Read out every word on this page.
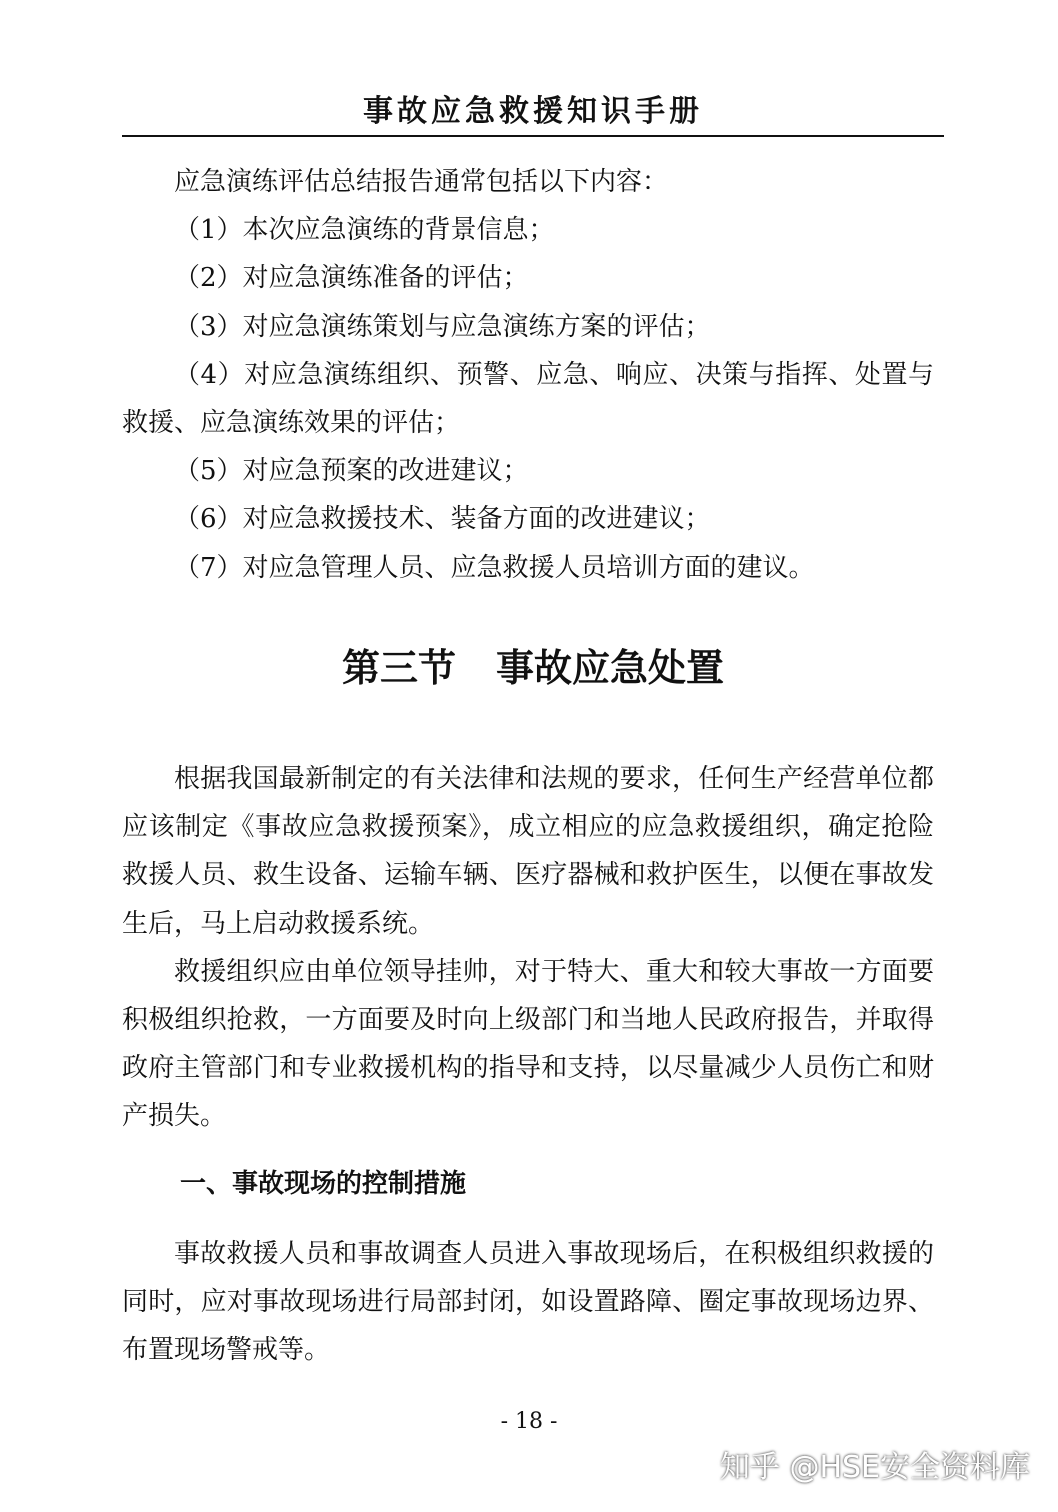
事故应急救援知识手册

应急演练评估总结报告通常包括以下内容：

（1）本次应急演练的背景信息；

（2）对应急演练准备的评估；

（3）对应急演练策划与应急演练方案的评估；

（4）对应急演练组织、预警、应急、响应、决策与指挥、处置与救援、应急演练效果的评估；

（5）对应急预案的改进建议；

（6）对应急救援技术、装备方面的改进建议；

（7）对应急管理人员、应急救援人员培训方面的建议。

第三节 事故应急处置

根据我国最新制定的有关法律和法规的要求，任何生产经营单位都应该制定《事故应急救援预案》，成立相应的应急救援组织，确定抢险救援人员、救生设备、运输车辆、医疗器械和救护医生，以便在事故发生后，马上启动救援系统。

救援组织应由单位领导挂帅，对于特大、重大和较大事故一方面要积极组织抢救，一方面要及时向上级部门和当地人民政府报告，并取得政府主管部门和专业救援机构的指导和支持，以尽量减少人员伤亡和财产损失。

一、事故现场的控制措施

事故救援人员和事故调查人员进入事故现场后，在积极组织救援的同时，应对事故现场进行局部封闭，如设置路障、圈定事故现场边界、布置现场警戒等。

- 18 -
知乎 @HSE安全资料库
